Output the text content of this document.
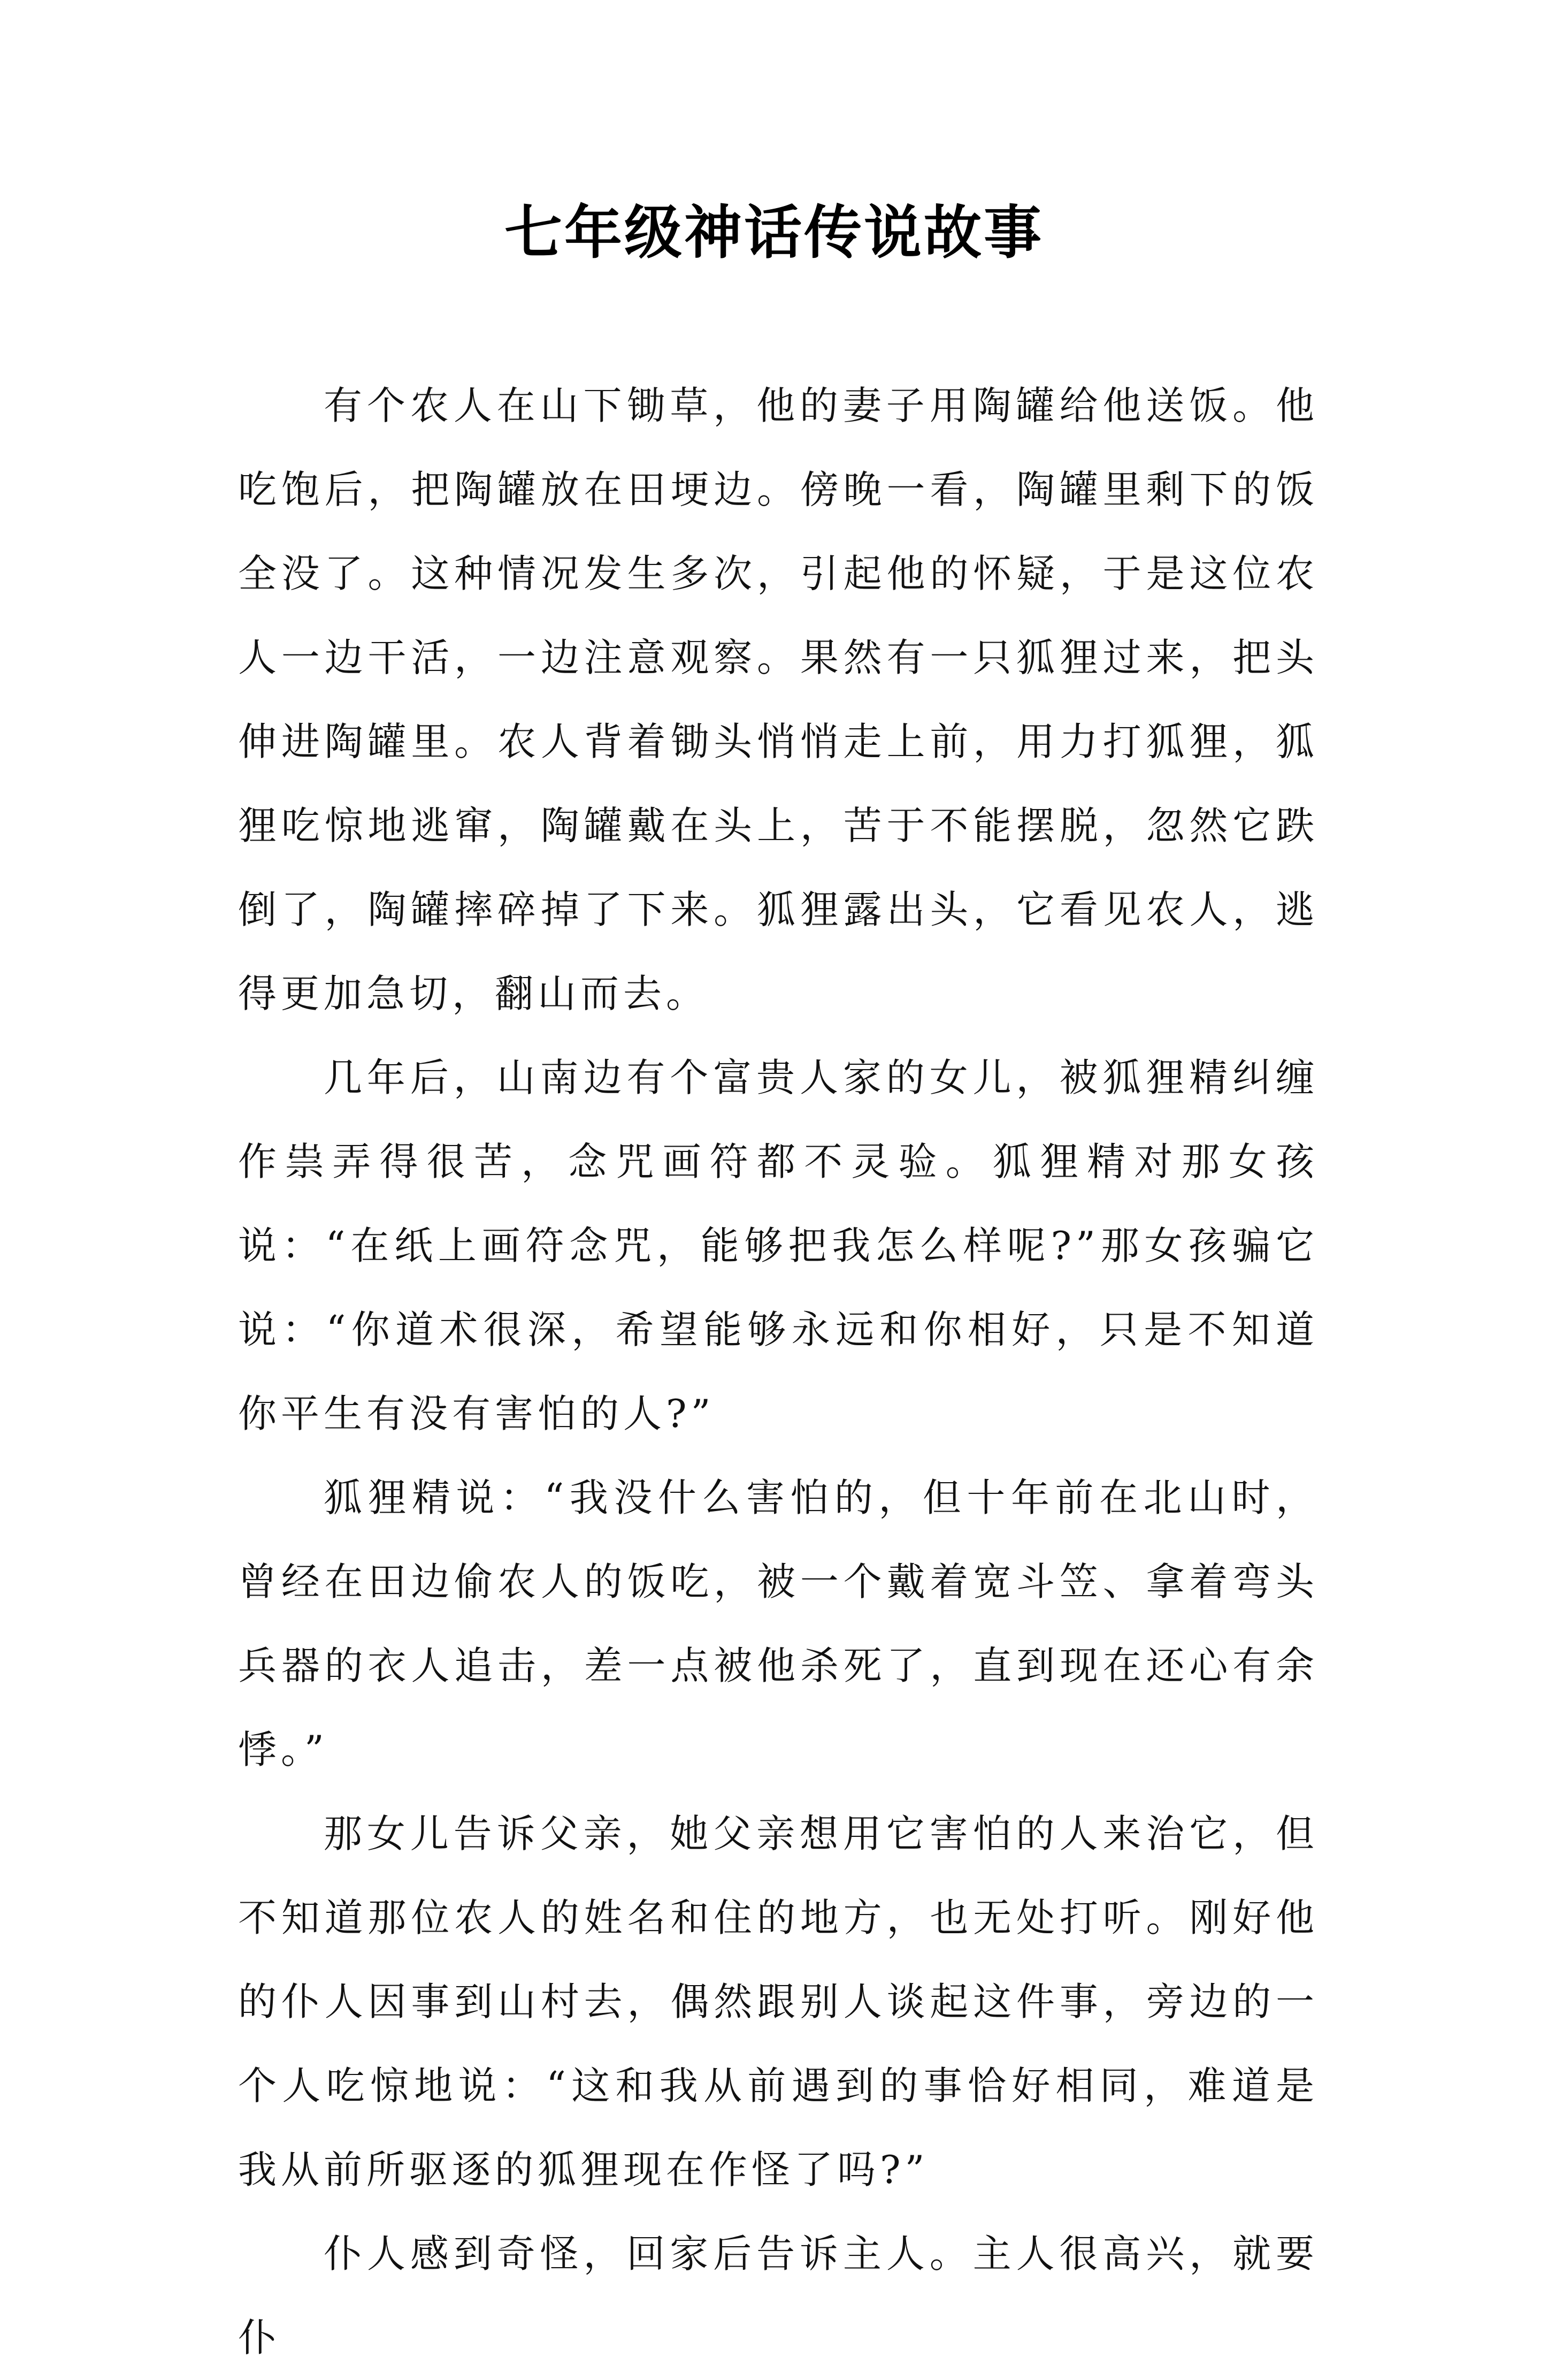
七年级神话传说故事

有个农人在山下锄草，他的妻子用陶罐给他送饭。他吃饱后，把陶罐放在田埂边。傍晚一看，陶罐里剩下的饭全没了。这种情况发生多次，引起他的怀疑，于是这位农人一边干活，一边注意观察。果然有一只狐狸过来，把头伸进陶罐里。农人背着锄头悄悄走上前，用力打狐狸，狐狸吃惊地逃窜，陶罐戴在头上，苦于不能摆脱，忽然它跌倒了，陶罐摔碎掉了下来。狐狸露出头，它看见农人，逃得更加急切，翻山而去。

几年后，山南边有个富贵人家的女儿，被狐狸精纠缠作祟弄得很苦，念咒画符都不灵验。狐狸精对那女孩说：“在纸上画符念咒，能够把我怎么样呢?”那女孩骗它说：“你道术很深，希望能够永远和你相好，只是不知道你平生有没有害怕的人?”

狐狸精说：“我没什么害怕的，但十年前在北山时，曾经在田边偷农人的饭吃，被一个戴着宽斗笠、拿着弯头兵器的衣人追击，差一点被他杀死了，直到现在还心有余悸。”

那女儿告诉父亲，她父亲想用它害怕的人来治它，但不知道那位农人的姓名和住的地方，也无处打听。刚好他的仆人因事到山村去，偶然跟别人谈起这件事，旁边的一个人吃惊地说：“这和我从前遇到的事恰好相同，难道是我从前所驱逐的狐狸现在作怪了吗?”

仆人感到奇怪，回家后告诉主人。主人很高兴，就要仆
